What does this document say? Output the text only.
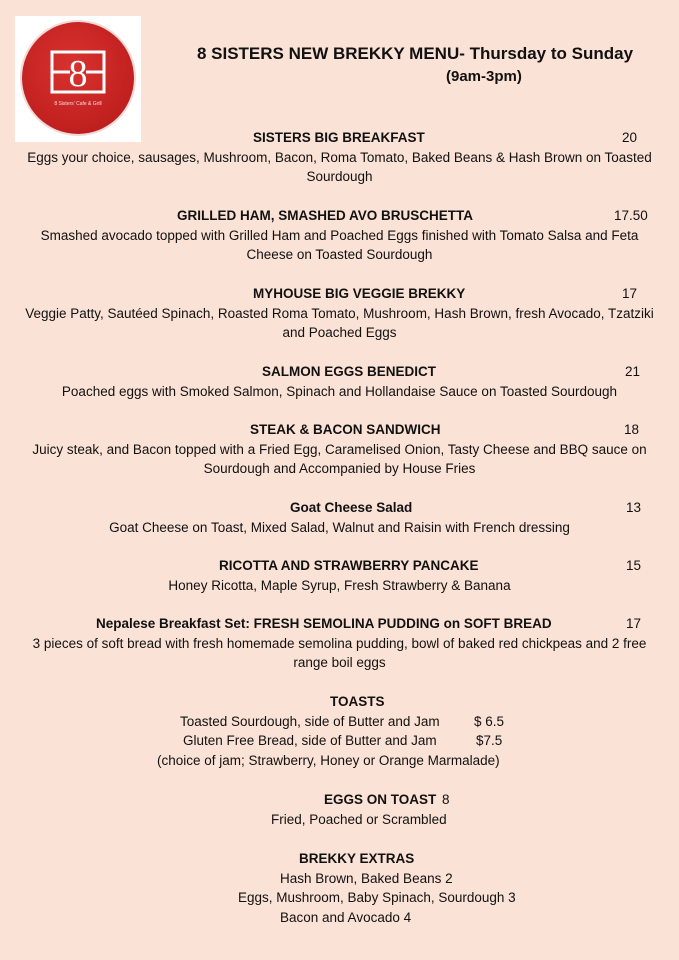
8
8 Sisters' Cafe & Grill
8 SISTERS NEW BREKKY MENU- Thursday to Sunday
(9am-3pm)
SISTERS BIG BREAKFAST	20
Eggs your choice, sausages, Mushroom, Bacon, Roma Tomato, Baked Beans & Hash Brown on Toasted Sourdough
GRILLED HAM, SMASHED AVO BRUSCHETTA	17.50
Smashed avocado topped with Grilled Ham and Poached Eggs finished with Tomato Salsa and Feta Cheese on Toasted Sourdough
MYHOUSE BIG VEGGIE BREKKY	17
Veggie Patty, Sautéed Spinach, Roasted Roma Tomato, Mushroom, Hash Brown, fresh Avocado, Tzatziki and Poached Eggs
SALMON EGGS BENEDICT	21
Poached eggs with Smoked Salmon, Spinach and Hollandaise Sauce on Toasted Sourdough
STEAK & BACON SANDWICH	18
Juicy steak, and Bacon topped with a Fried Egg, Caramelised Onion, Tasty Cheese and BBQ sauce on Sourdough and Accompanied by House Fries
Goat Cheese Salad	13
Goat Cheese on Toast, Mixed Salad, Walnut and Raisin with French dressing
RICOTTA AND STRAWBERRY PANCAKE	15
Honey Ricotta, Maple Syrup, Fresh Strawberry & Banana
Nepalese Breakfast Set: FRESH SEMOLINA PUDDING on SOFT BREAD	17
3 pieces of soft bread with fresh homemade semolina pudding, bowl of baked red chickpeas and 2 free range boil eggs
TOASTS
Toasted Sourdough, side of Butter and Jam	$ 6.5
Gluten Free Bread, side of Butter and Jam	$7.5
(choice of jam; Strawberry, Honey or Orange Marmalade)
EGGS ON TOAST 8
Fried, Poached or Scrambled
BREKKY EXTRAS
Hash Brown, Baked Beans 2
Eggs, Mushroom, Baby Spinach, Sourdough 3
Bacon and Avocado 4
